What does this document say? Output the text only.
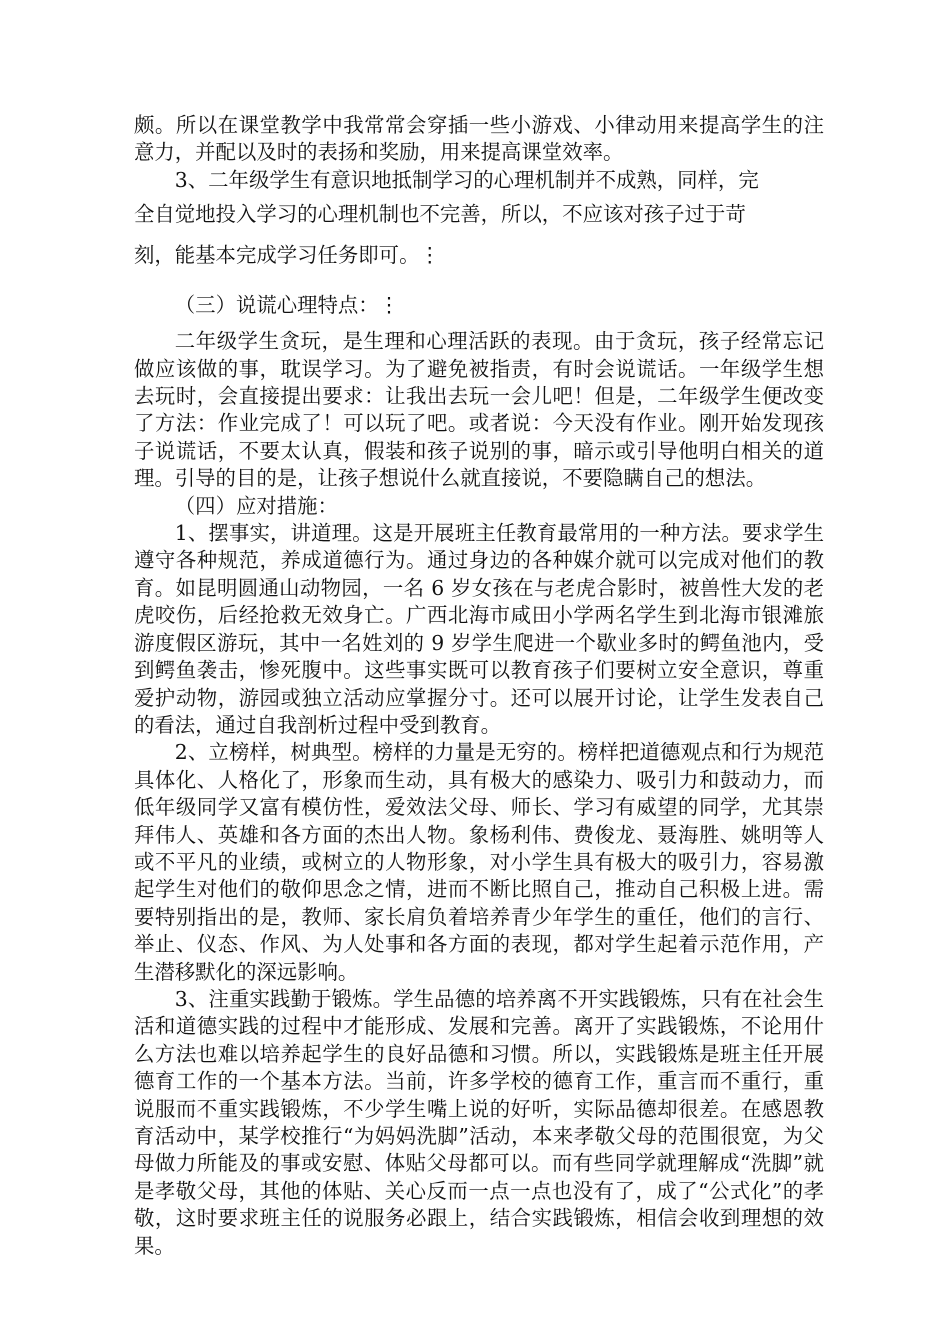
颇。所以在课堂教学中我常常会穿插一些小游戏、小律动用来提高学生的注意力，并配以及时的表扬和奖励，用来提高课堂效率。

3、二年级学生有意识地抵制学习的心理机制并不成熟，同样，完

全自觉地投入学习的心理机制也不完善，所以，不应该对孩子过于苛

刻，能基本完成学习任务即可。⋮

（三）说谎心理特点：⋮

二年级学生贪玩，是生理和心理活跃的表现。由于贪玩，孩子经常忘记做应该做的事，耽误学习。为了避免被指责，有时会说谎话。一年级学生想去玩时，会直接提出要求：让我出去玩一会儿吧！但是，二年级学生便改变了方法：作业完成了！可以玩了吧。或者说：今天没有作业。刚开始发现孩子说谎话，不要太认真，假装和孩子说别的事，暗示或引导他明白相关的道理。引导的目的是，让孩子想说什么就直接说，不要隐瞒自己的想法。

（四）应对措施：

1、摆事实，讲道理。这是开展班主任教育最常用的一种方法。要求学生遵守各种规范，养成道德行为。通过身边的各种媒介就可以完成对他们的教育。如昆明圆通山动物园，一名 6 岁女孩在与老虎合影时，被兽性大发的老虎咬伤，后经抢救无效身亡。广西北海市咸田小学两名学生到北海市银滩旅游度假区游玩，其中一名姓刘的 9 岁学生爬进一个歇业多时的鳄鱼池内，受到鳄鱼袭击，惨死腹中。这些事实既可以教育孩子们要树立安全意识，尊重爱护动物，游园或独立活动应掌握分寸。还可以展开讨论，让学生发表自己的看法，通过自我剖析过程中受到教育。

2、立榜样，树典型。榜样的力量是无穷的。榜样把道德观点和行为规范具体化、人格化了，形象而生动，具有极大的感染力、吸引力和鼓动力，而低年级同学又富有模仿性，爱效法父母、师长、学习有威望的同学，尤其崇拜伟人、英雄和各方面的杰出人物。象杨利伟、费俊龙、聂海胜、姚明等人或不平凡的业绩，或树立的人物形象，对小学生具有极大的吸引力，容易激起学生对他们的敬仰思念之情，进而不断比照自己，推动自己积极上进。需要特别指出的是，教师、家长肩负着培养青少年学生的重任，他们的言行、举止、仪态、作风、为人处事和各方面的表现，都对学生起着示范作用，产生潜移默化的深远影响。

3、注重实践勤于锻炼。学生品德的培养离不开实践锻炼，只有在社会生活和道德实践的过程中才能形成、发展和完善。离开了实践锻炼，不论用什么方法也难以培养起学生的良好品德和习惯。所以，实践锻炼是班主任开展德育工作的一个基本方法。当前，许多学校的德育工作，重言而不重行，重说服而不重实践锻炼，不少学生嘴上说的好听，实际品德却很差。在感恩教育活动中，某学校推行“为妈妈洗脚”活动，本来孝敬父母的范围很宽，为父母做力所能及的事或安慰、体贴父母都可以。而有些同学就理解成“洗脚”就是孝敬父母，其他的体贴、关心反而一点一点也没有了，成了“公式化”的孝敬，这时要求班主任的说服务必跟上，结合实践锻炼，相信会收到理想的效果。
